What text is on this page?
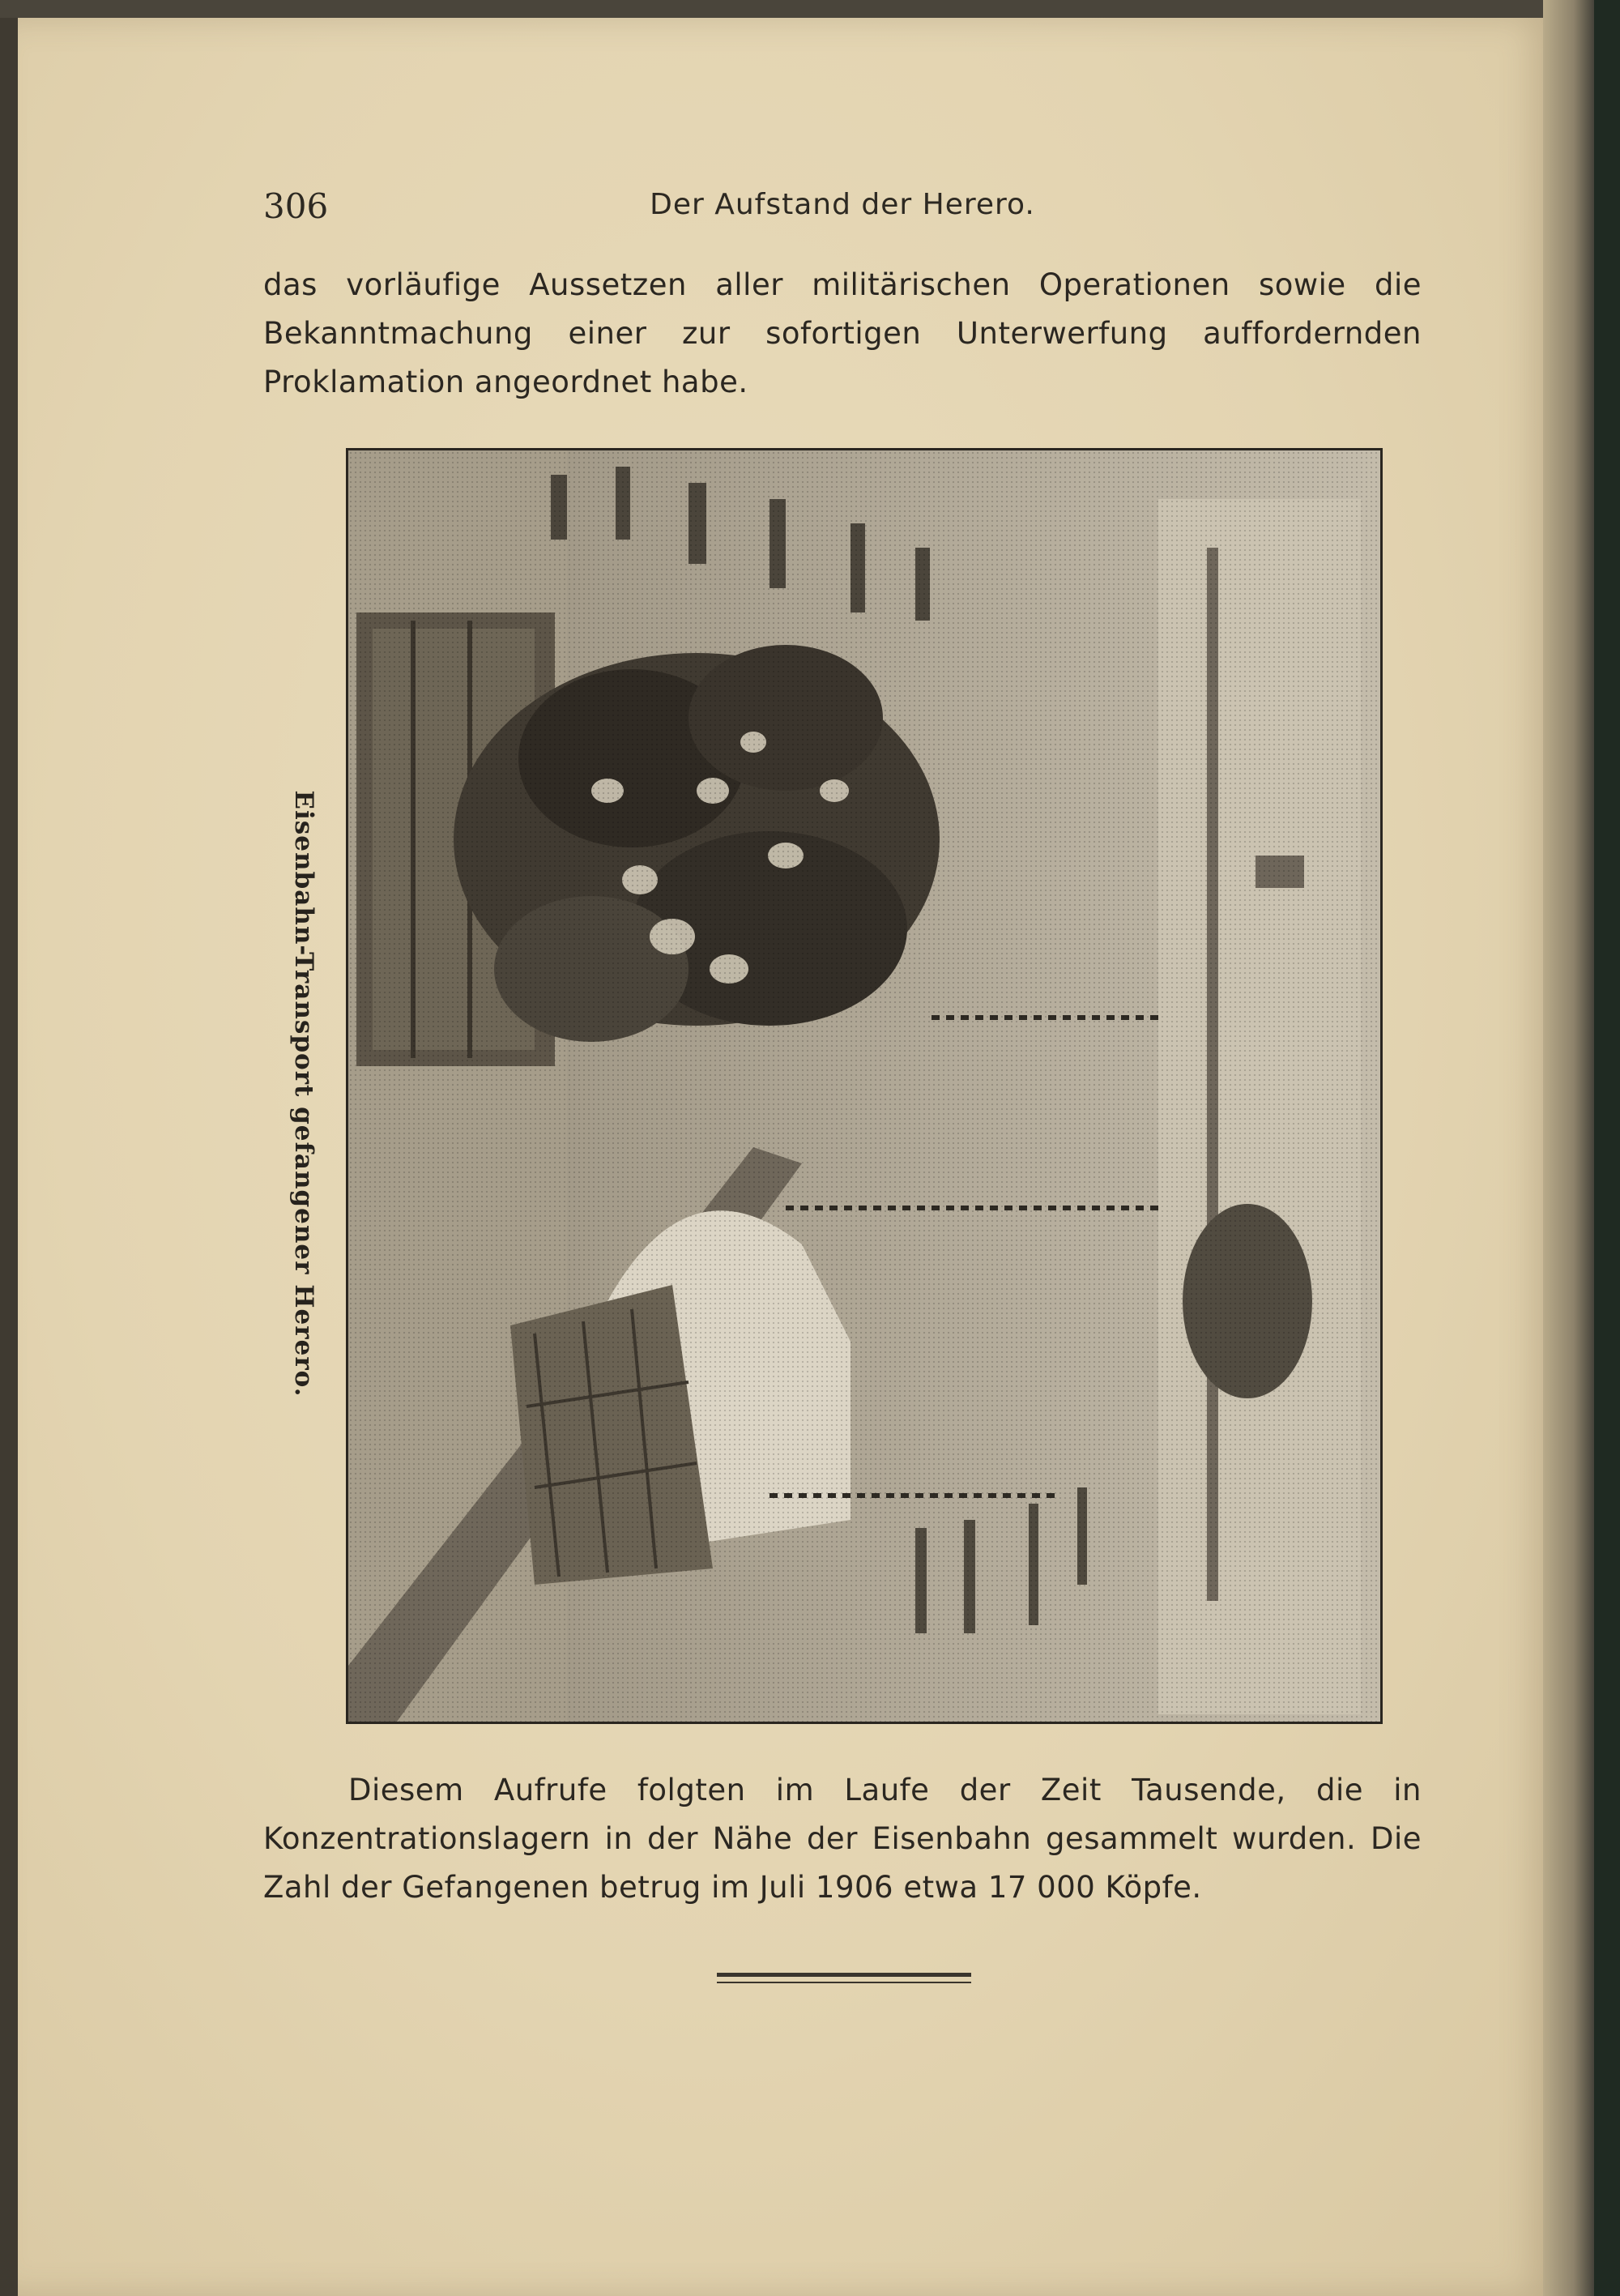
306	Der Aufstand der Herero.

das vorläufige Aussetzen aller militärischen Operationen sowie die Bekanntmachung einer zur sofortigen Unterwerfung auffordernden Proklamation angeordnet habe.

Eisenbahn-Transport gefangener Herero.

Diesem Aufrufe folgten im Laufe der Zeit Tausende, die in Konzentrationslagern in der Nähe der Eisenbahn gesammelt wurden. Die Zahl der Gefangenen betrug im Juli 1906 etwa 17 000 Köpfe.
